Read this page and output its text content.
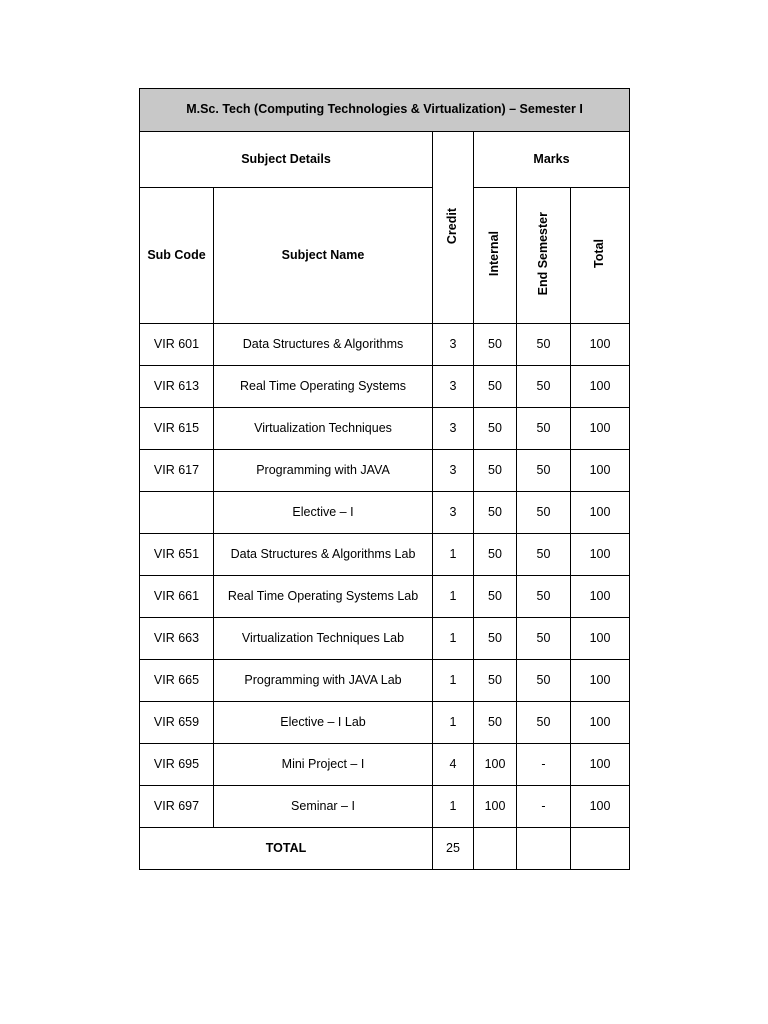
M.Sc. Tech (Computing Technologies & Virtualization) – Semester I					
Subject Details		Credit	Marks		
Sub Code	Subject Name		Internal	End Semester	Total
VIR 601	Data Structures & Algorithms	3	50	50	100
VIR 613	Real Time Operating Systems	3	50	50	100
VIR 615	Virtualization Techniques	3	50	50	100
VIR 617	Programming with JAVA	3	50	50	100
	Elective – I	3	50	50	100
VIR 651	Data Structures & Algorithms Lab	1	50	50	100
VIR 661	Real Time Operating Systems Lab	1	50	50	100
VIR 663	Virtualization Techniques Lab	1	50	50	100
VIR 665	Programming with JAVA Lab	1	50	50	100
VIR 659	Elective – I Lab	1	50	50	100
VIR 695	Mini Project – I	4	100	-	100
VIR 697	Seminar – I	1	100	-	100
TOTAL		25			
